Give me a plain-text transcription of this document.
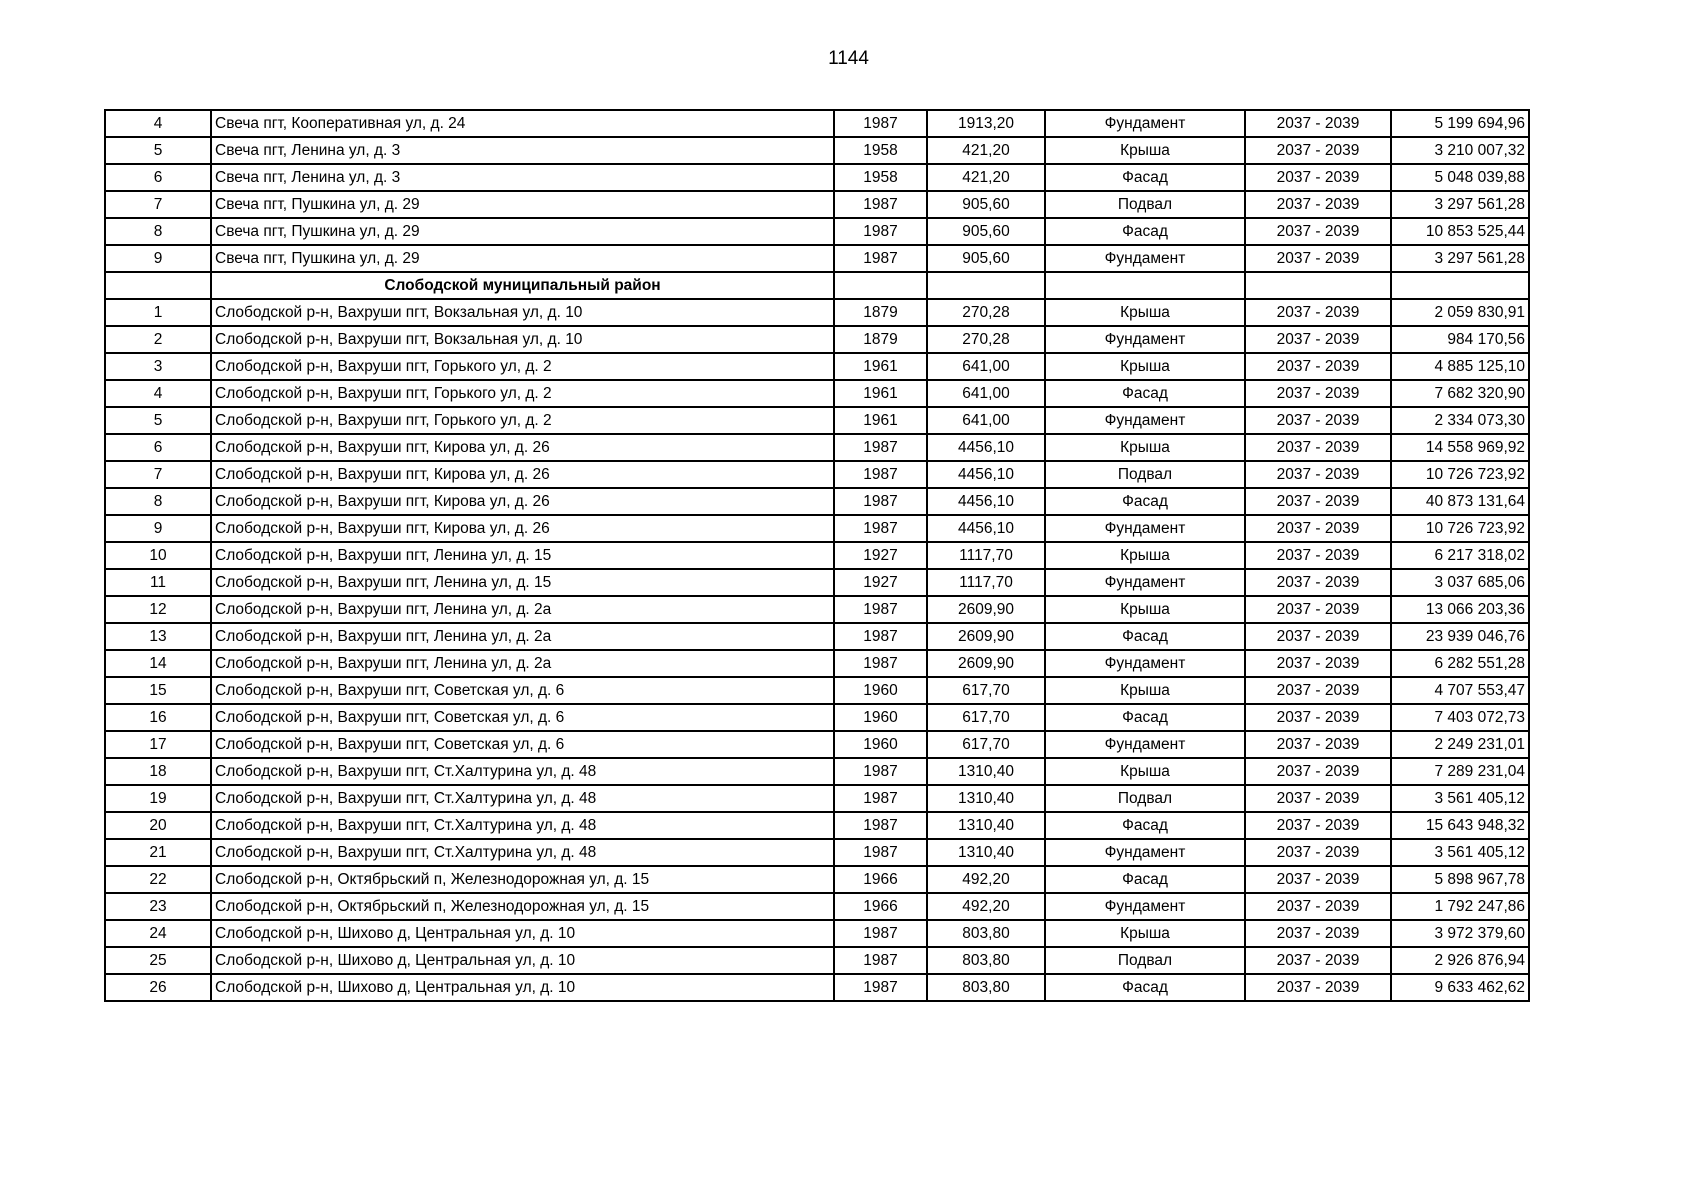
1144
4	Свеча пгт, Кооперативная ул, д. 24	1987	1913,20	Фундамент	2037 - 2039	5 199 694,96
5	Свеча пгт, Ленина ул, д. 3	1958	421,20	Крыша	2037 - 2039	3 210 007,32
6	Свеча пгт, Ленина ул, д. 3	1958	421,20	Фасад	2037 - 2039	5 048 039,88
7	Свеча пгт, Пушкина ул, д. 29	1987	905,60	Подвал	2037 - 2039	3 297 561,28
8	Свеча пгт, Пушкина ул, д. 29	1987	905,60	Фасад	2037 - 2039	10 853 525,44
9	Свеча пгт, Пушкина ул, д. 29	1987	905,60	Фундамент	2037 - 2039	3 297 561,28
	Слободской муниципальный район					
1	Слободской р-н, Вахруши пгт, Вокзальная ул, д. 10	1879	270,28	Крыша	2037 - 2039	2 059 830,91
2	Слободской р-н, Вахруши пгт, Вокзальная ул, д. 10	1879	270,28	Фундамент	2037 - 2039	984 170,56
3	Слободской р-н, Вахруши пгт, Горького ул, д. 2	1961	641,00	Крыша	2037 - 2039	4 885 125,10
4	Слободской р-н, Вахруши пгт, Горького ул, д. 2	1961	641,00	Фасад	2037 - 2039	7 682 320,90
5	Слободской р-н, Вахруши пгт, Горького ул, д. 2	1961	641,00	Фундамент	2037 - 2039	2 334 073,30
6	Слободской р-н, Вахруши пгт, Кирова ул, д. 26	1987	4456,10	Крыша	2037 - 2039	14 558 969,92
7	Слободской р-н, Вахруши пгт, Кирова ул, д. 26	1987	4456,10	Подвал	2037 - 2039	10 726 723,92
8	Слободской р-н, Вахруши пгт, Кирова ул, д. 26	1987	4456,10	Фасад	2037 - 2039	40 873 131,64
9	Слободской р-н, Вахруши пгт, Кирова ул, д. 26	1987	4456,10	Фундамент	2037 - 2039	10 726 723,92
10	Слободской р-н, Вахруши пгт, Ленина ул, д. 15	1927	1117,70	Крыша	2037 - 2039	6 217 318,02
11	Слободской р-н, Вахруши пгт, Ленина ул, д. 15	1927	1117,70	Фундамент	2037 - 2039	3 037 685,06
12	Слободской р-н, Вахруши пгт, Ленина ул, д. 2а	1987	2609,90	Крыша	2037 - 2039	13 066 203,36
13	Слободской р-н, Вахруши пгт, Ленина ул, д. 2а	1987	2609,90	Фасад	2037 - 2039	23 939 046,76
14	Слободской р-н, Вахруши пгт, Ленина ул, д. 2а	1987	2609,90	Фундамент	2037 - 2039	6 282 551,28
15	Слободской р-н, Вахруши пгт, Советская ул, д. 6	1960	617,70	Крыша	2037 - 2039	4 707 553,47
16	Слободской р-н, Вахруши пгт, Советская ул, д. 6	1960	617,70	Фасад	2037 - 2039	7 403 072,73
17	Слободской р-н, Вахруши пгт, Советская ул, д. 6	1960	617,70	Фундамент	2037 - 2039	2 249 231,01
18	Слободской р-н, Вахруши пгт, Ст.Халтурина ул, д. 48	1987	1310,40	Крыша	2037 - 2039	7 289 231,04
19	Слободской р-н, Вахруши пгт, Ст.Халтурина ул, д. 48	1987	1310,40	Подвал	2037 - 2039	3 561 405,12
20	Слободской р-н, Вахруши пгт, Ст.Халтурина ул, д. 48	1987	1310,40	Фасад	2037 - 2039	15 643 948,32
21	Слободской р-н, Вахруши пгт, Ст.Халтурина ул, д. 48	1987	1310,40	Фундамент	2037 - 2039	3 561 405,12
22	Слободской р-н, Октябрьский п, Железнодорожная ул, д. 15	1966	492,20	Фасад	2037 - 2039	5 898 967,78
23	Слободской р-н, Октябрьский п, Железнодорожная ул, д. 15	1966	492,20	Фундамент	2037 - 2039	1 792 247,86
24	Слободской р-н, Шихово д, Центральная ул, д. 10	1987	803,80	Крыша	2037 - 2039	3 972 379,60
25	Слободской р-н, Шихово д, Центральная ул, д. 10	1987	803,80	Подвал	2037 - 2039	2 926 876,94
26	Слободской р-н, Шихово д, Центральная ул, д. 10	1987	803,80	Фасад	2037 - 2039	9 633 462,62
